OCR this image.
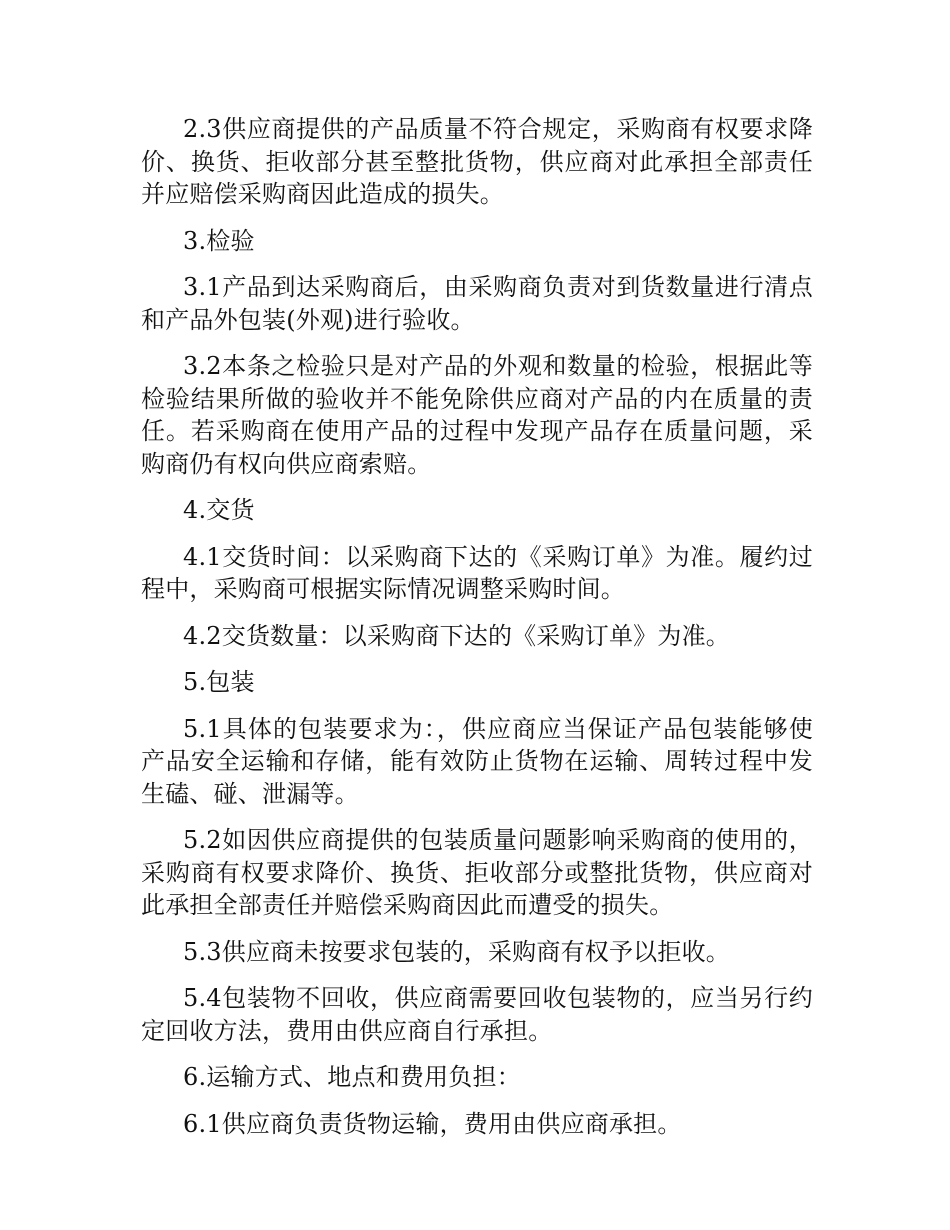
2.3供应商提供的产品质量不符合规定，采购商有权要求降价、换货、拒收部分甚至整批货物，供应商对此承担全部责任并应赔偿采购商因此造成的损失。

3.检验

3.1产品到达采购商后，由采购商负责对到货数量进行清点和产品外包装(外观)进行验收。

3.2本条之检验只是对产品的外观和数量的检验，根据此等检验结果所做的验收并不能免除供应商对产品的内在质量的责任。若采购商在使用产品的过程中发现产品存在质量问题，采购商仍有权向供应商索赔。

4.交货

4.1交货时间：以采购商下达的《采购订单》为准。履约过程中，采购商可根据实际情况调整采购时间。

4.2交货数量：以采购商下达的《采购订单》为准。

5.包装

5.1具体的包装要求为：，供应商应当保证产品包装能够使产品安全运输和存储，能有效防止货物在运输、周转过程中发生磕、碰、泄漏等。

5.2如因供应商提供的包装质量问题影响采购商的使用的，采购商有权要求降价、换货、拒收部分或整批货物，供应商对此承担全部责任并赔偿采购商因此而遭受的损失。

5.3供应商未按要求包装的，采购商有权予以拒收。

5.4包装物不回收，供应商需要回收包装物的，应当另行约定回收方法，费用由供应商自行承担。

6.运输方式、地点和费用负担：

6.1供应商负责货物运输，费用由供应商承担。
